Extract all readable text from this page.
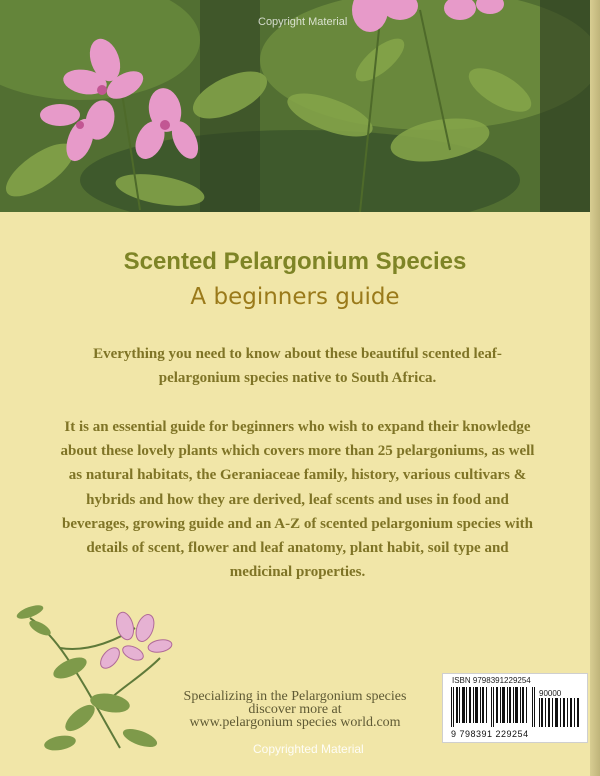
Copyright Material
Scented Pelargonium Species
A beginners guide
Everything you need to know about these beautiful scented leaf-pelargonium species native to South Africa.
It is an essential guide for beginners who wish to expand their knowledge about these lovely plants which covers more than 25 pelargoniums, as well as natural habitats, the Geraniaceae family, history, various cultivars & hybrids and how they are derived, leaf scents and uses in food and beverages, growing guide and an A-Z of scented pelargonium species with details of scent, flower and leaf anatomy, plant habit, soil type and medicinal properties.
Specializing in the Pelargonium species
discover more at
www.pelargonium species world.com
ISBN 9798391229254
90000
9 798391 229254
Copyrighted Material
